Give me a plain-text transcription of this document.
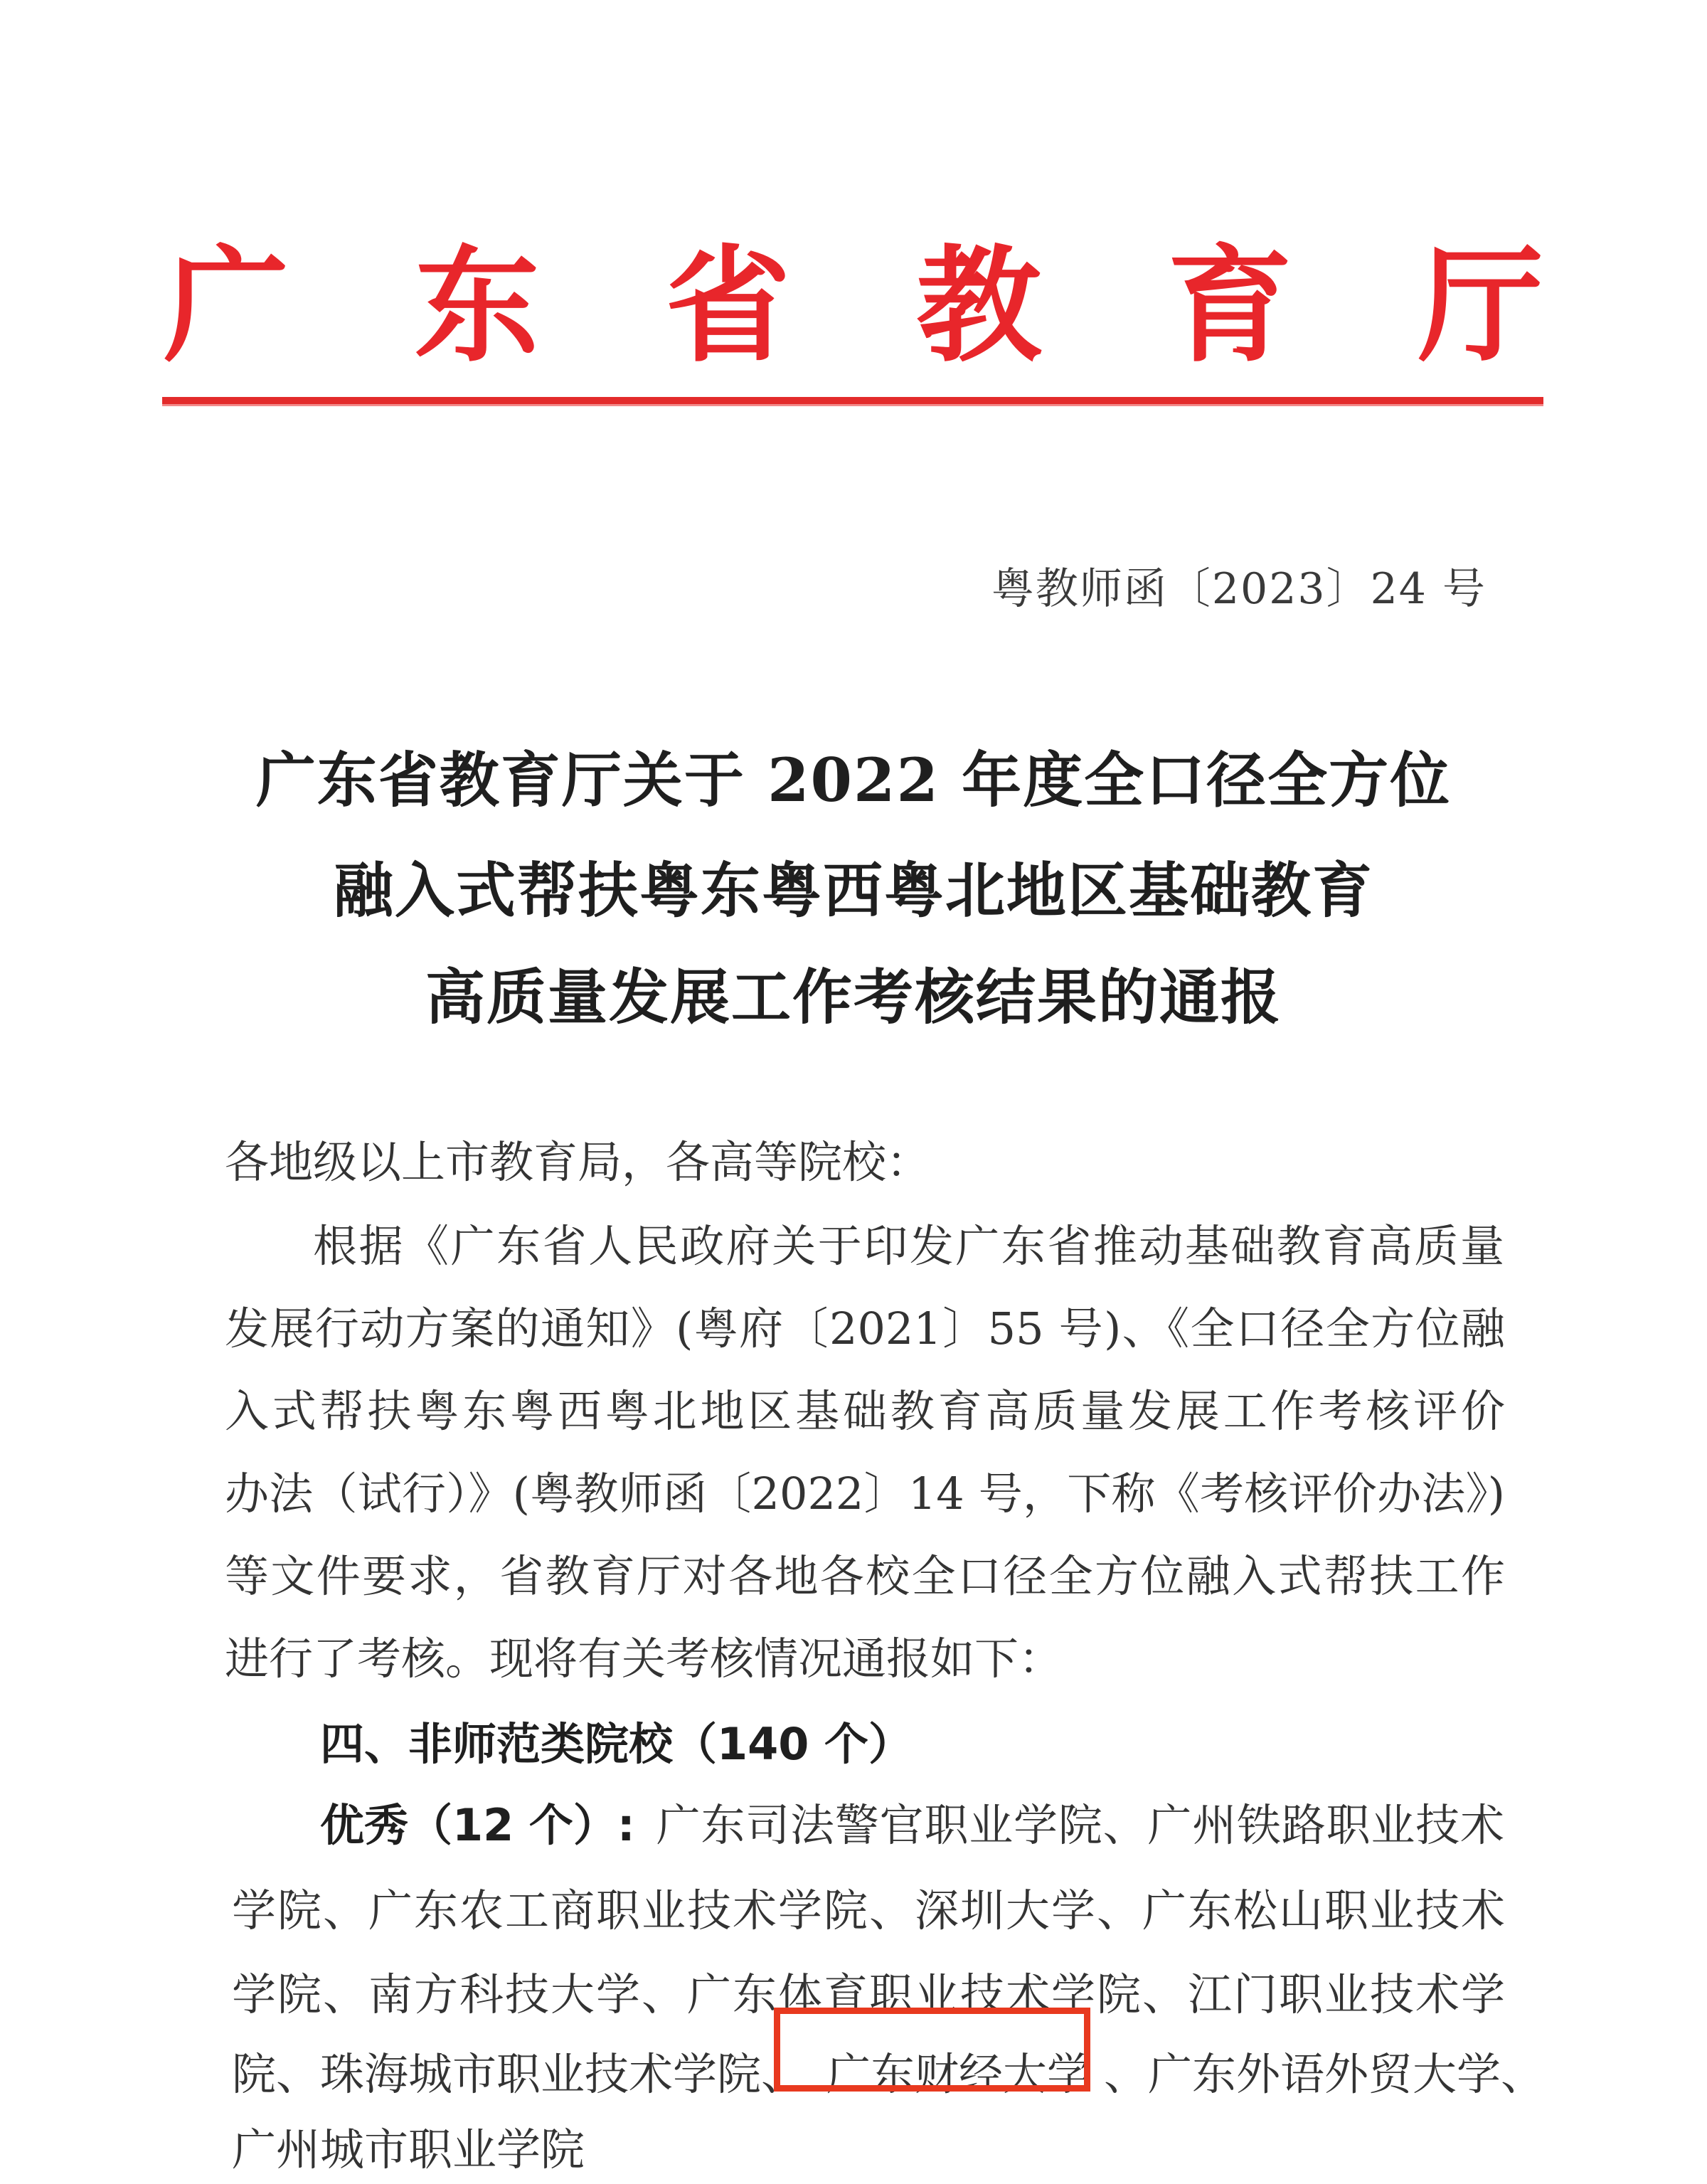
广 东 省 教 育 厅
粤教师函〔2023〕24 号
广东省教育厅关于 2022 年度全口径全方位
融入式帮扶粤东粤西粤北地区基础教育
高质量发展工作考核结果的通报
各地级以上市教育局，各高等院校：
根据《广东省人民政府关于印发广东省推动基础教育高质量
发展行动方案的通知》(粤府〔2021〕55 号)、《全口径全方位融
入式帮扶粤东粤西粤北地区基础教育高质量发展工作考核评价
办法（试行）》(粤教师函〔2022〕14 号，下称《考核评价办法》)
等文件要求，省教育厅对各地各校全口径全方位融入式帮扶工作
进行了考核。现将有关考核情况通报如下：
四、非师范类院校（140 个）
优秀（12 个）: 广东司法警官职业学院、广州铁路职业技术
学院、广东农工商职业技术学院、深圳大学、广东松山职业技术
学院、南方科技大学、广东体育职业技术学院、江门职业技术学
院、珠海城市职业技术学院、 广东财经大学 、广东外语外贸大学、
广州城市职业学院
